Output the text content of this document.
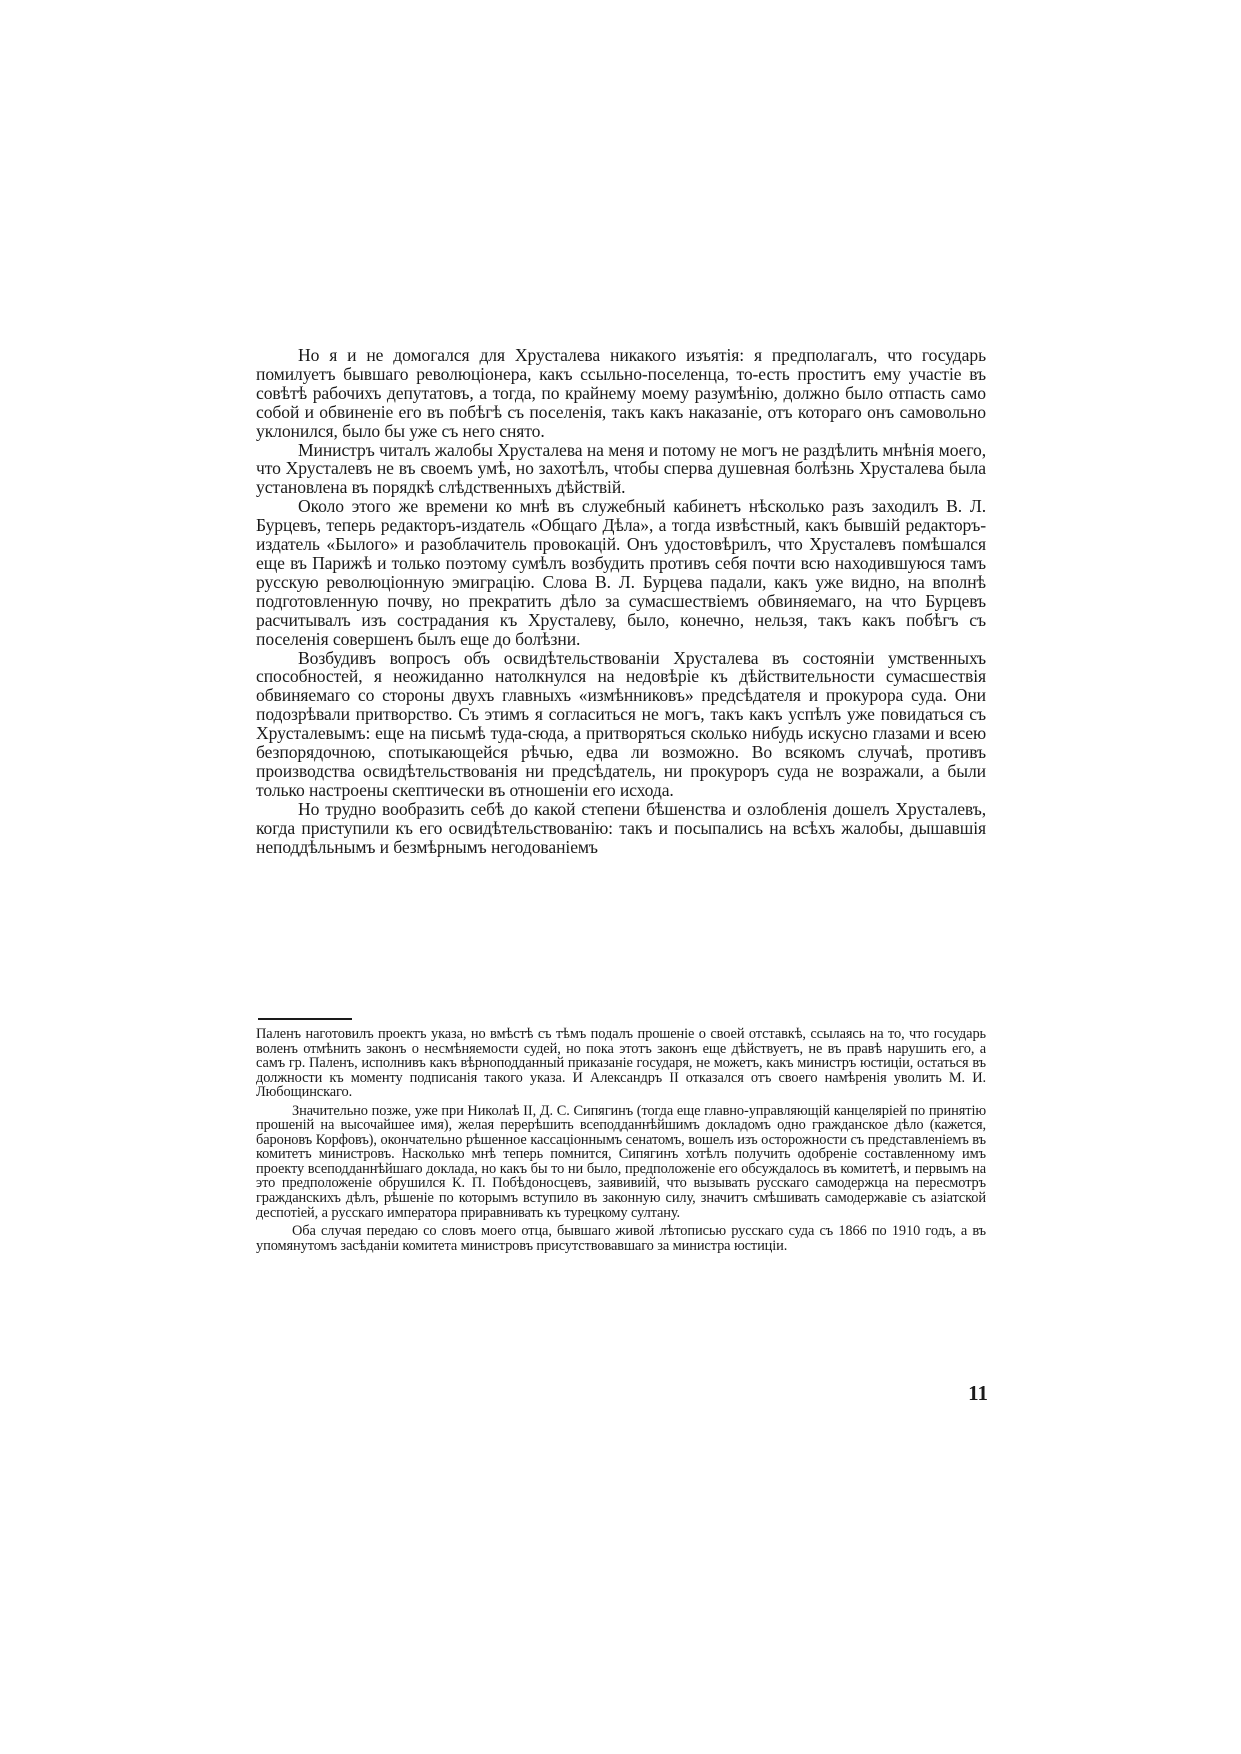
Но я и не домогался для Хрусталева никакого изъятія: я предполагалъ, что государь помилуетъ бывшаго революціонера, какъ ссыльно-поселенца, то-есть проститъ ему участіе въ совѣтѣ рабочихъ депутатовъ, а тогда, по крайнему моему разумѣнію, должно было отпасть само собой и обвиненіе его въ побѣгѣ съ поселенія, такъ какъ наказаніе, отъ котораго онъ самовольно уклонился, было бы уже съ него снято.

Министръ читалъ жалобы Хрусталева на меня и потому не могъ не раздѣлить мнѣнія моего, что Хрусталевъ не въ своемъ умѣ, но захотѣлъ, чтобы сперва душевная болѣзнь Хрусталева была установлена въ порядкѣ слѣдственныхъ дѣйствій.

Около этого же времени ко мнѣ въ служебный кабинетъ нѣсколько разъ заходилъ В. Л. Бурцевъ, теперь редакторъ-издатель «Общаго Дѣла», а тогда извѣстный, какъ бывшій редакторъ-издатель «Былого» и разоблачитель провокацій. Онъ удостовѣрилъ, что Хрусталевъ помѣшался еще въ Парижѣ и только поэтому сумѣлъ возбудить противъ себя почти всю находившуюся тамъ русскую революціонную эмиграцію. Слова В. Л. Бурцева падали, какъ уже видно, на вполнѣ подготовленную почву, но прекратить дѣло за сумасшествіемъ обвиняемаго, на что Бурцевъ расчитывалъ изъ сострадания къ Хрусталеву, было, конечно, нельзя, такъ какъ побѣгъ съ поселенія совершенъ былъ еще до болѣзни.

Возбудивъ вопросъ объ освидѣтельствованіи Хрусталева въ состояніи умственныхъ способностей, я неожиданно натолкнулся на недовѣріе къ дѣйствительности сумасшествія обвиняемаго со стороны двухъ главныхъ «измѣнниковъ» предсѣдателя и прокурора суда. Они подозрѣвали притворство. Съ этимъ я согласиться не могъ, такъ какъ успѣлъ уже повидаться съ Хрусталевымъ: еще на письмѣ туда-сюда, а притворяться сколько нибудь искусно глазами и всею безпорядочною, спотыкающейся рѣчью, едва ли возможно. Во всякомъ случаѣ, противъ производства освидѣтельствованія ни предсѣдатель, ни прокуроръ суда не возражали, а были только настроены скептически въ отношеніи его исхода.

Но трудно вообразить себѣ до какой степени бѣшенства и озлобленія дошелъ Хрусталевъ, когда приступили къ его освидѣтельствованію: такъ и посыпались на всѣхъ жалобы, дышавшія неподдѣльнымъ и безмѣрнымъ негодованіемъ

Паленъ наготовилъ проектъ указа, но вмѣстѣ съ тѣмъ подалъ прошеніе о своей отставкѣ, ссылаясь на то, что государь воленъ отмѣнить законъ о несмѣняемости судей, но пока этотъ законъ еще дѣйствуетъ, не въ правѣ нарушить его, а самъ гр. Паленъ, исполнивъ какъ вѣрноподданный приказаніе государя, не можетъ, какъ министръ юстиціи, остаться въ должности къ моменту подписанія такого указа. И Александръ II отказался отъ своего намѣренія уволить М. И. Любощинскаго.

Значительно позже, уже при Николаѣ II, Д. С. Сипягинъ (тогда еще главно-управляющій канцеляріей по принятію прошеній на высочайшее имя), желая перерѣшить всеподданнѣйшимъ докладомъ одно гражданское дѣло (кажется, бароновъ Корфовъ), окончательно рѣшенное кассаціоннымъ сенатомъ, вошелъ изъ осторожности съ представленіемъ въ комитетъ министровъ. Насколько мнѣ теперь помнится, Сипягинъ хотѣлъ получить одобреніе составленному имъ проекту всеподданнѣйшаго доклада, но какъ бы то ни было, предположеніе его обсуждалось въ комитетѣ, и первымъ на это предположеніе обрушился К. П. Побѣдоносцевъ, заявивиій, что вызывать русскаго самодержца на пересмотръ гражданскихъ дѣлъ, рѣшеніе по которымъ вступило въ законную силу, значитъ смѣшивать самодержавіе съ азіатской деспотіей, а русскаго императора приравнивать къ турецкому султану.

Оба случая передаю со словъ моего отца, бывшаго живой лѣтописью русскаго суда съ 1866 по 1910 годъ, а въ упомянутомъ засѣданіи комитета министровъ присутствовавшаго за министра юстиціи.

11
